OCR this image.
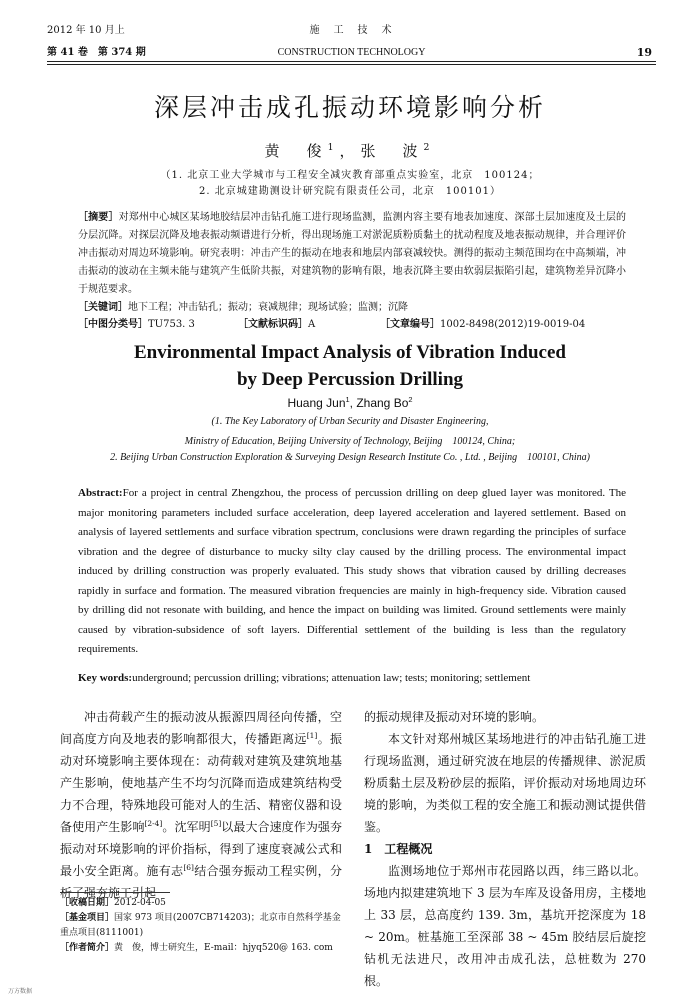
2012 年 10 月上
第 41 卷　第 374 期
施　工　技　术
CONSTRUCTION TECHNOLOGY	19
深层冲击成孔振动环境影响分析
黄　俊$^1$，张　波$^2$
（1. 北京工业大学城市与工程安全减灾教育部重点实验室，北京　100124；
2. 北京城建勘测设计研究院有限责任公司，北京　100101）
［摘要］对郑州中心城区某场地胶结层冲击钻孔施工进行现场监测，监测内容主要有地表加速度、深部土层加速度及土层的分层沉降。对探层沉降及地表振动频谱进行分析，得出现场施工对淤泥质粉质黏土的扰动程度及地表振动规律，并合理评价冲击振动对周边环境影响。研究表明：冲击产生的振动在地表和地层内部衰减较快。测得的振动主频范围均在中高频端，冲击振动的波动在主频未能与建筑产生低阶共振，对建筑物的影响有限，地表沉降主要由软弱层振陷引起，建筑物差异沉降小于规范要求。
［关键词］地下工程；冲击钻孔；振动；衰减规律；现场试验；监测；沉降
［中图分类号］TU753. 3	［文献标识码］A	［文章编号］1002-8498(2012)19-0019-04
Environmental Impact Analysis of Vibration Induced
by Deep Percussion Drilling
Huang Jun$^1$, Zhang Bo$^2$
(1. The Key Laboratory of Urban Security and Disaster Engineering,
Ministry of Education, Beijing University of Technology, Beijing　100124, China;
2. Beijing Urban Construction Exploration & Surveying Design Research Institute Co. , Ltd. , Beijing　100101, China)
Abstract:For a project in central Zhengzhou, the process of percussion drilling on deep glued layer was monitored. The major monitoring parameters included surface acceleration, deep layered acceleration and layered settlement. Based on analysis of layered settlements and surface vibration spectrum, conclusions were drawn regarding the principles of surface vibration and the degree of disturbance to mucky silty clay caused by the drilling process. The environmental impact induced by drilling construction was properly evaluated. This study shows that vibration caused by drilling decreases rapidly in surface and formation. The measured vibration frequencies are mainly in high-frequency side. Vibration caused by drilling did not resonate with building, and hence the impact on building was limited. Ground settlements were mainly caused by vibration-subsidence of soft layers. Differential settlement of the building is less than the regulatory requirements.
Key words:underground; percussion drilling; vibrations; attenuation law; tests; monitoring; settlement

冲击荷载产生的振动波从振源四周径向传播，空间高度方向及地表的影响都很大，传播距离远[1]。振动对环境影响主要体现在：动荷载对建筑及建筑地基产生影响，使地基产生不均匀沉降而造成建筑结构受力不合理，特殊地段可能对人的生活、精密仪器和设备使用产生影响[2-4]。沈军明[5]以最大合速度作为强夯振动对环境影响的评价指标，得到了速度衰减公式和最小安全距离。施有志[6]结合强夯振动工程实例，分析了强夯施工引起

的振动规律及振动对环境的影响。

本文针对郑州城区某场地进行的冲击钻孔施工进行现场监测，通过研究波在地层的传播规律、淤泥质粉质黏土层及粉砂层的振陷，评价振动对场地周边环境的影响，为类似工程的安全施工和振动测试提供借鉴。

1　工程概况

监测场地位于郑州市花园路以西，纬三路以北。场地内拟建建筑地下 3 层为车库及设备用房，主楼地上 33 层，总高度约 139. 3m，基坑开挖深度为 18 ~ 20m。桩基施工至深部 38 ~ 45m 胶结层后旋挖钻机无法进尺，改用冲击成孔法，总桩数为 270 根。

［收稿日期］2012-04-05
［基金项目］国家 973 项目(2007CB714203)；北京市自然科学基金重点项目(8111001)
［作者简介］黄　俊，博士研究生，E-mail：hjyq520@ 163. com
万方数据
